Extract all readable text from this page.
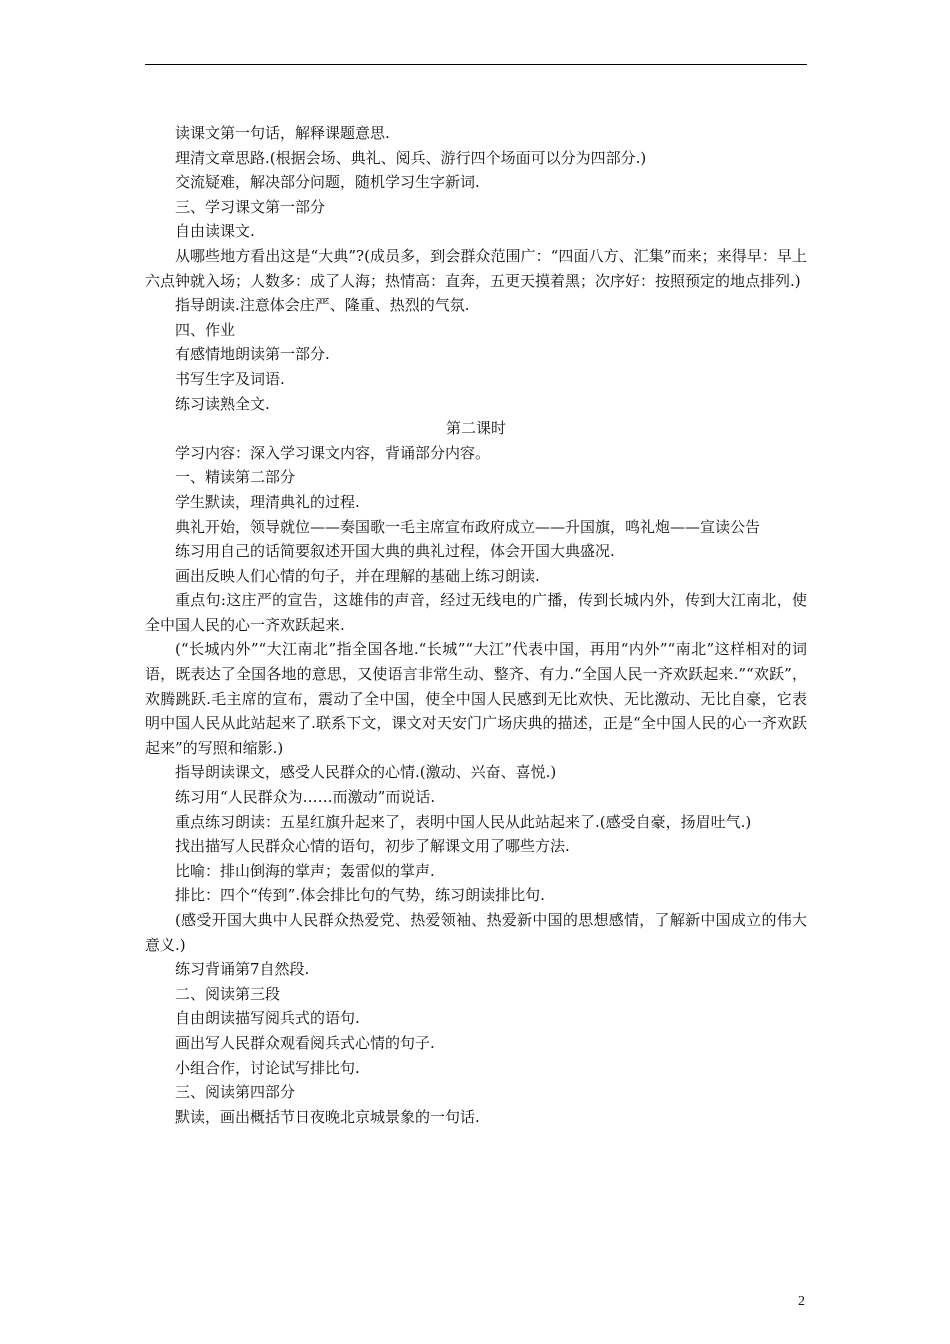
读课文第一句话，解释课题意思.

理清文章思路.(根据会场、典礼、阅兵、游行四个场面可以分为四部分.)

交流疑难，解决部分问题，随机学习生字新词.

三、学习课文第一部分

自由读课文.

从哪些地方看出这是“大典”?(成员多，到会群众范围广：“四面八方、汇集”而来；来得早：早上六点钟就入场；人数多：成了人海；热情高：直奔，五更天摸着黑；次序好：按照预定的地点排列.)

指导朗读.注意体会庄严、隆重、热烈的气氛.

四、作业

有感情地朗读第一部分.

书写生字及词语.

练习读熟全文.

第二课时

学习内容：深入学习课文内容，背诵部分内容。

一、精读第二部分

学生默读，理清典礼的过程.

典礼开始，领导就位——奏国歌一毛主席宣布政府成立——升国旗，鸣礼炮——宣读公告

练习用自己的话简要叙述开国大典的典礼过程，体会开国大典盛况.

画出反映人们心情的句子，并在理解的基础上练习朗读.

重点句:这庄严的宣告，这雄伟的声音，经过无线电的广播，传到长城内外，传到大江南北，使全中国人民的心一齐欢跃起来.

(“长城内外”“大江南北”指全国各地.“长城”“大江”代表中国，再用“内外”“南北”这样相对的词语，既表达了全国各地的意思，又使语言非常生动、整齐、有力.“全国人民一齐欢跃起来.”“欢跃”，欢腾跳跃.毛主席的宣布，震动了全中国，使全中国人民感到无比欢快、无比激动、无比自豪，它表明中国人民从此站起来了.联系下文，课文对天安门广场庆典的描述，正是“全中国人民的心一齐欢跃起来”的写照和缩影.)

指导朗读课文，感受人民群众的心情.(激动、兴奋、喜悦.)

练习用“人民群众为……而激动”而说话.

重点练习朗读：五星红旗升起来了，表明中国人民从此站起来了.(感受自豪，扬眉吐气.)

找出描写人民群众心情的语句，初步了解课文用了哪些方法.

比喻：排山倒海的掌声；轰雷似的掌声.

排比：四个“传到”.体会排比句的气势，练习朗读排比句.

(感受开国大典中人民群众热爱党、热爱领袖、热爱新中国的思想感情，了解新中国成立的伟大意义.)

练习背诵第7自然段.

二、阅读第三段

自由朗读描写阅兵式的语句.

画出写人民群众观看阅兵式心情的句子.

小组合作，讨论试写排比句.

三、阅读第四部分

默读，画出概括节日夜晚北京城景象的一句话.

2
